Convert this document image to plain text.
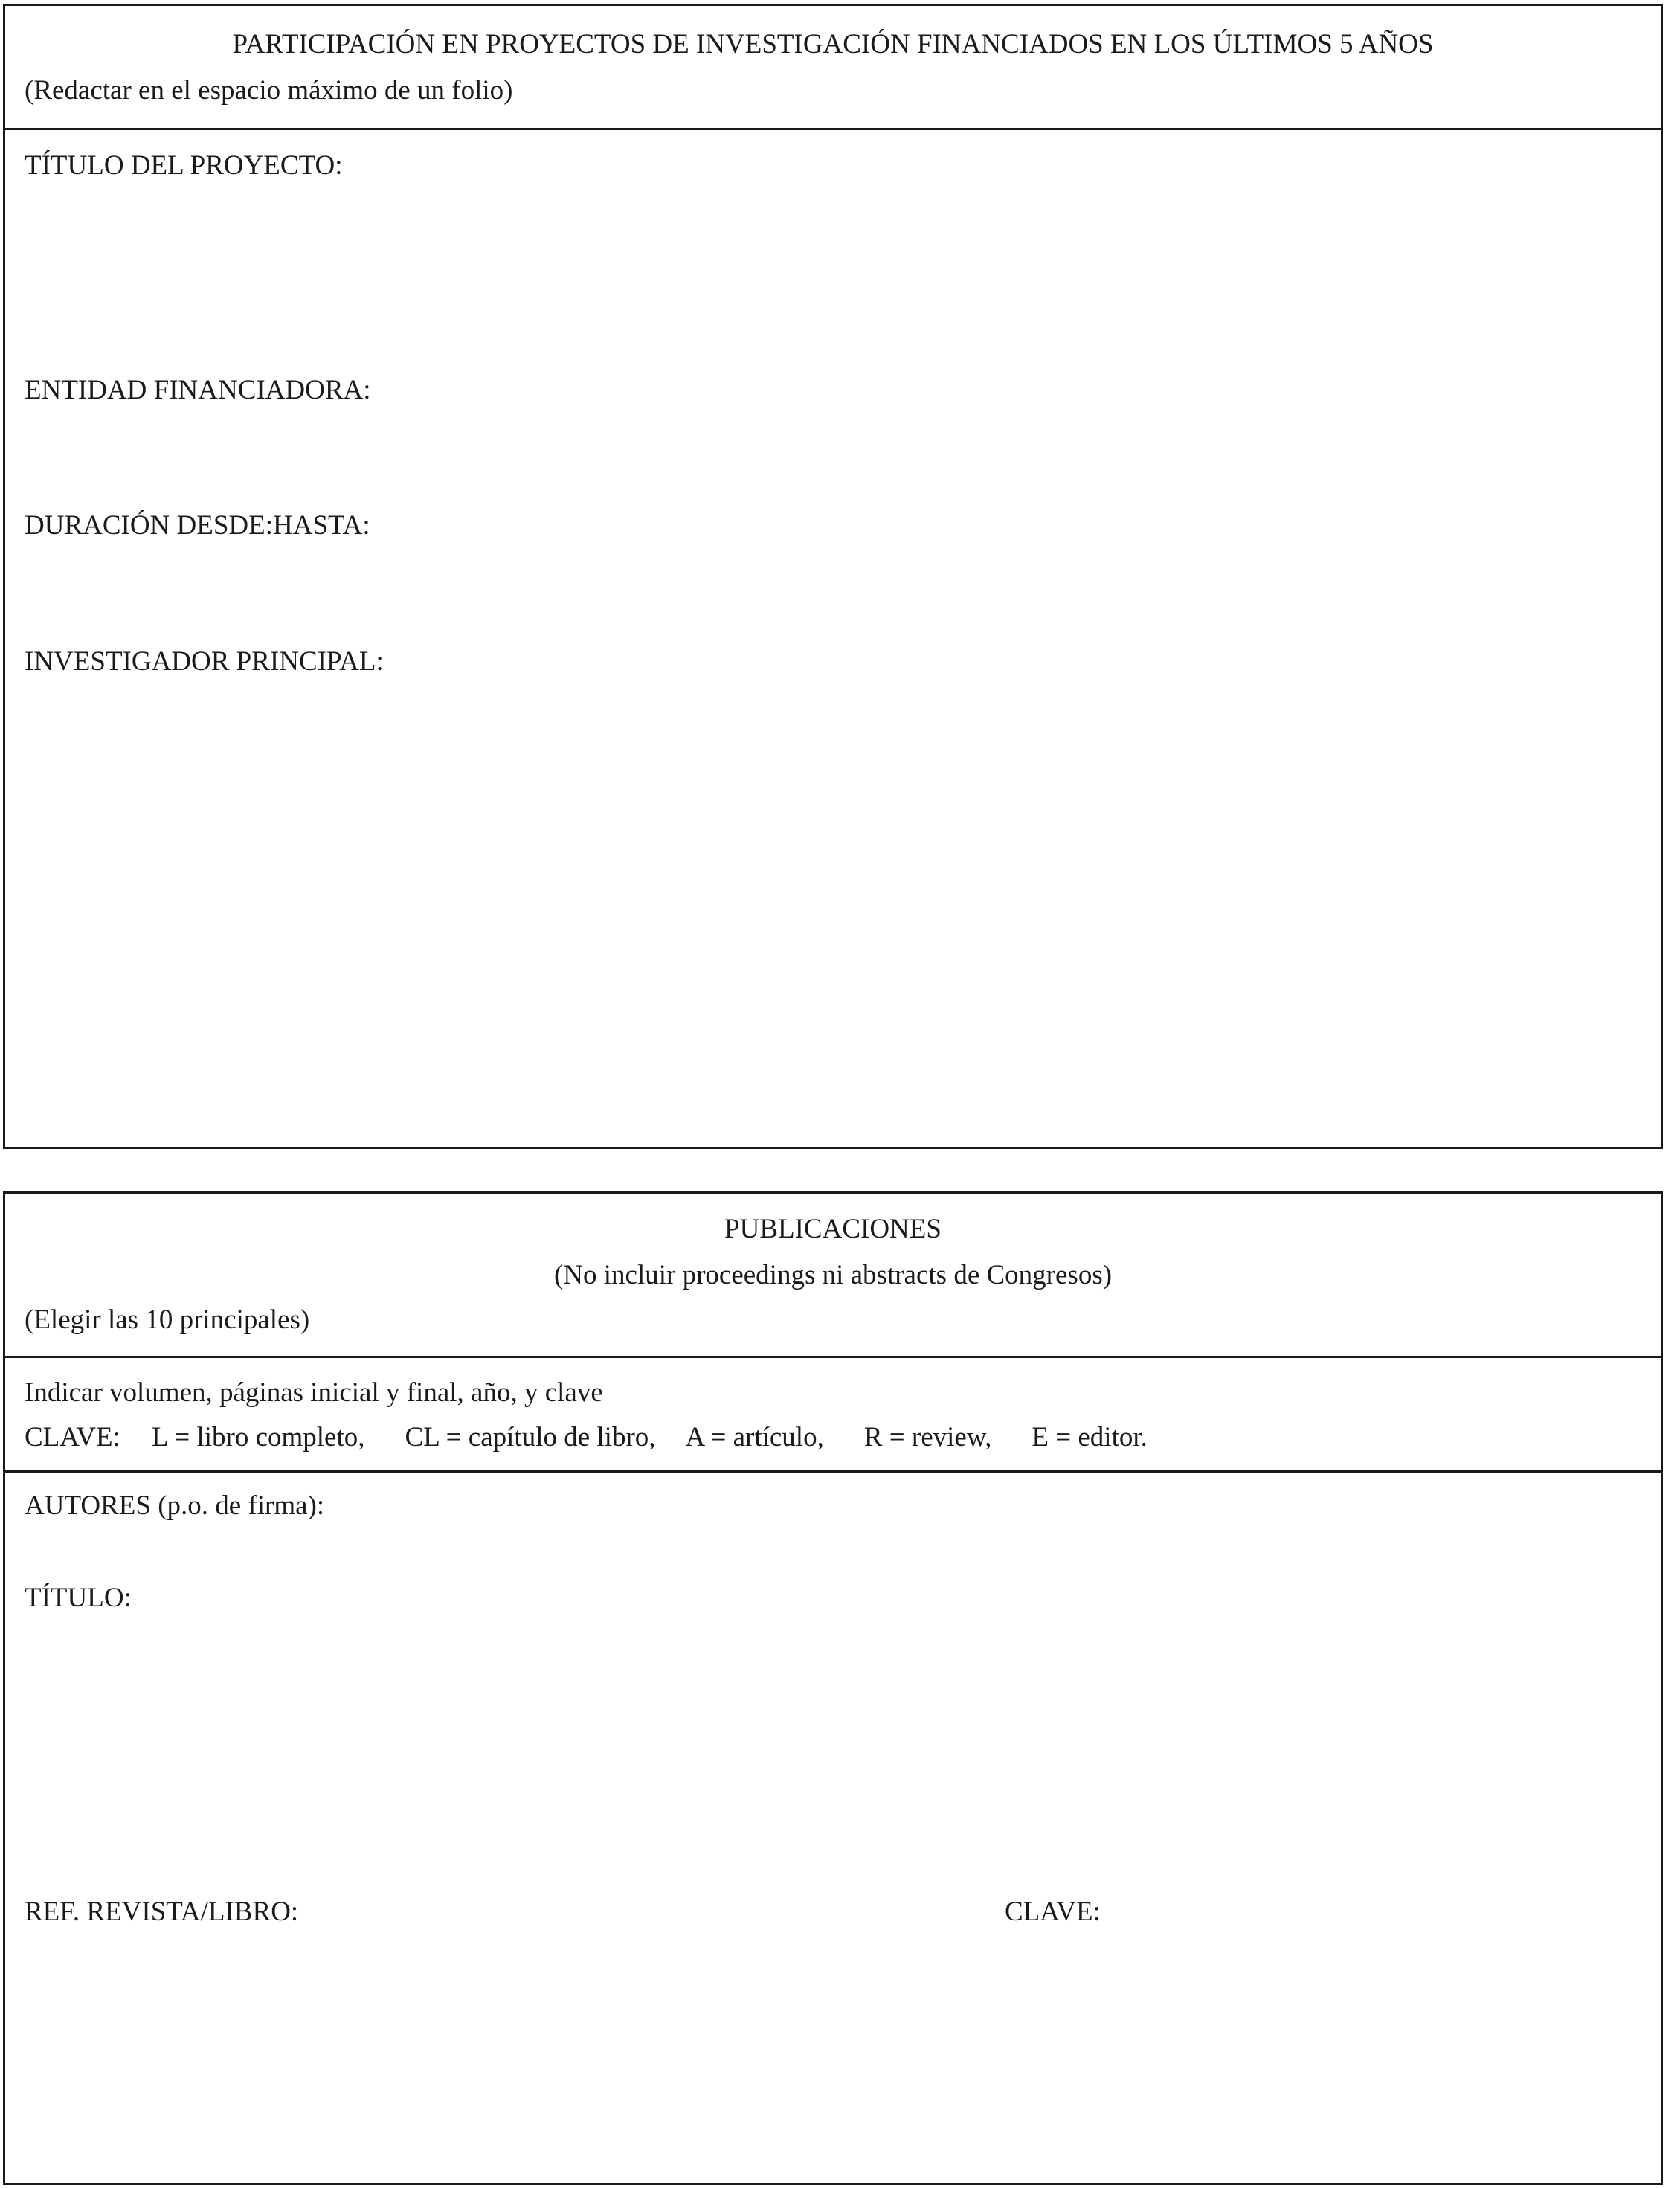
PARTICIPACIÓN EN PROYECTOS DE INVESTIGACIÓN FINANCIADOS EN LOS ÚLTIMOS 5 AÑOS
(Redactar en el espacio máximo de un folio)
TÍTULO DEL PROYECTO:
ENTIDAD FINANCIADORA:
DURACIÓN DESDE:HASTA:
INVESTIGADOR PRINCIPAL:
PUBLICACIONES
(No incluir proceedings ni abstracts de Congresos)
(Elegir las 10 principales)
Indicar volumen, páginas inicial y final, año, y clave
CLAVE: L = libro completo, CL = capítulo de libro, A = artículo, R = review, E = editor.
AUTORES (p.o. de firma):
TÍTULO:
REF. REVISTA/LIBRO:	CLAVE:
